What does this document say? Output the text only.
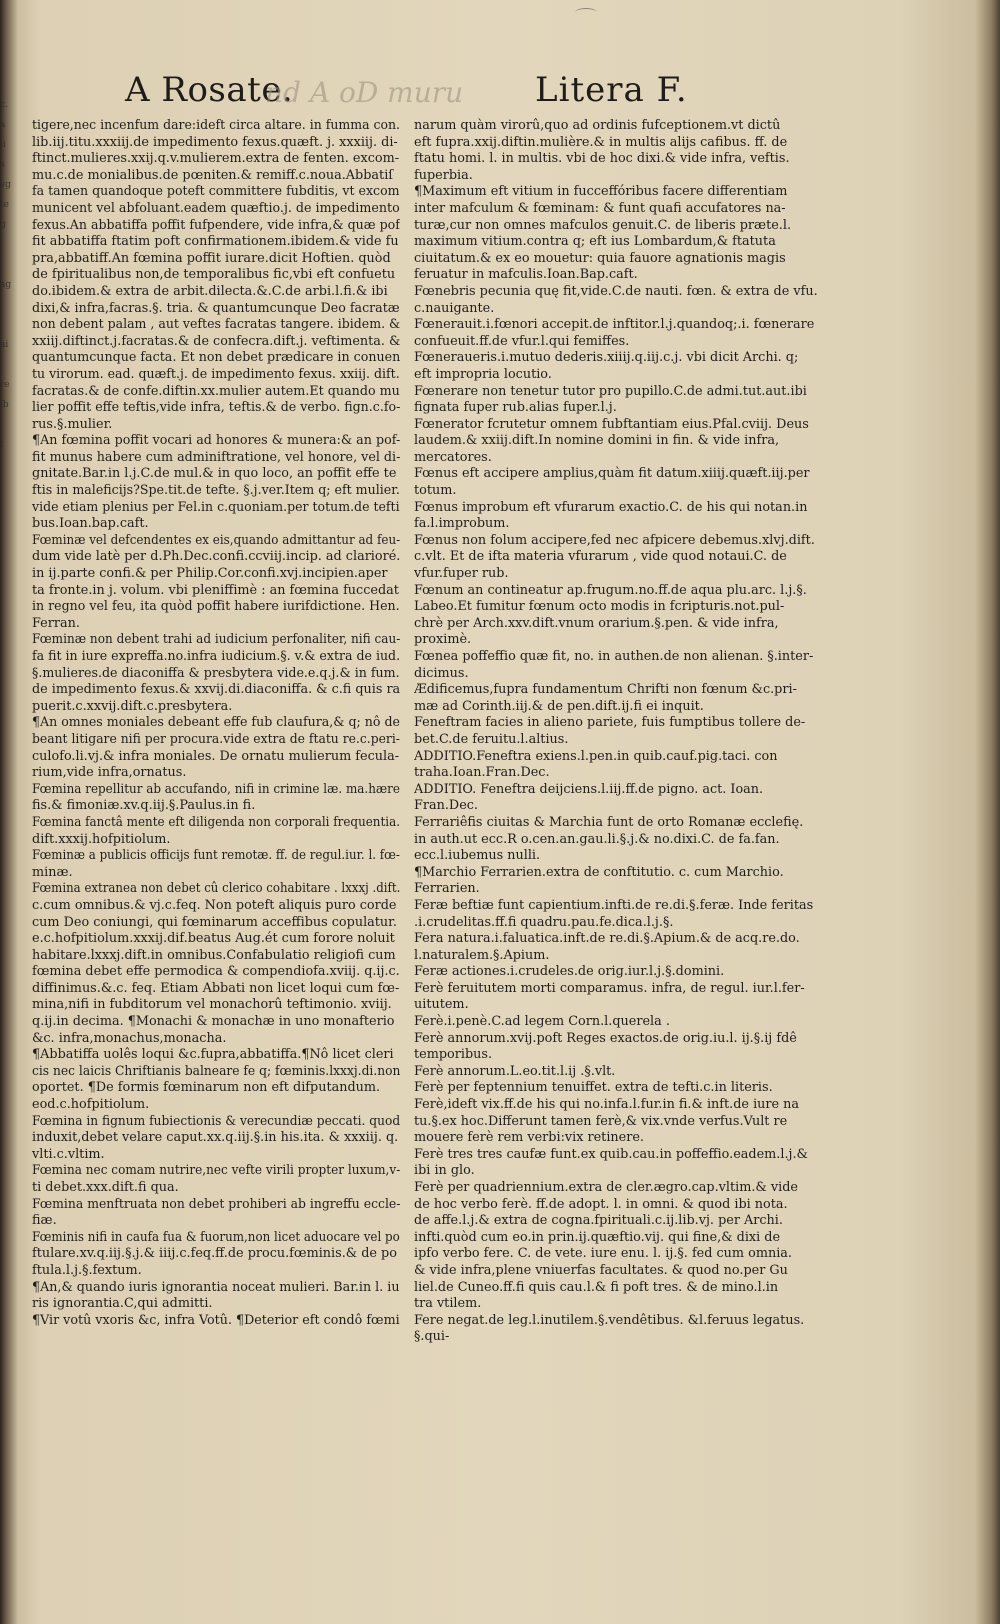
c.
a
ii
s
vg
te
g
ag
ai
re
ib
t
A Rosate.
nd A oD muru Litera F.

tigere,nec incenfum dare:ideft circa altare. in fumma con.

lib.iij.titu.xxxiij.de impedimento fexus.quæft. j. xxxiij. di-

ftinct.mulieres.xxij.q.v.mulierem.extra de fenten. excom-

mu.c.de monialibus.de pœniten.& remiff.c.noua.Abbatiſ

fa tamen quandoque poteft committere fubditis, vt excom

municent vel abfoluant.eadem quæftio.j. de impedimento

fexus.An abbatiffa poffit fufpendere, vide infra,& quæ pof

fit abbatiffa ftatim poft confirmationem.ibidem.& vide fu

pra,abbatiff.An fœmina poffit iurare.dicit Hoftien. quòd

de fpiritualibus non,de temporalibus fic,vbi eft confuetu

do.ibidem.& extra de arbit.dilecta.&.C.de arbi.l.fi.& ibi

dixi,& infra,facras.§. tria. & quantumcunque Deo facratæ

non debent palam , aut veftes facratas tangere. ibidem. &

xxiij.diftinct.j.facratas.& de confecra.dift.j. veftimenta. &

quantumcunque facta. Et non debet prædicare in conuen

tu virorum. ead. quæft.j. de impedimento fexus. xxiij. dift.

facratas.& de confe.diftin.xx.mulier autem.Et quando mu

lier poffit effe teftis,vide infra, teftis.& de verbo. fign.c.fo-

rus.§.mulier.

¶An fœmina poffit vocari ad honores & munera:& an pof-

fit munus habere cum adminiftratione, vel honore, vel di-

gnitate.Bar.in l.j.C.de mul.& in quo loco, an poffit effe te

ftis in maleficijs?Spe.tit.de tefte. §.j.ver.Item q; eft mulier.

vide etiam plenius per Fel.in c.quoniam.per totum.de tefti

bus.Ioan.bap.caft.

Fœminæ vel defcendentes ex eis,quando admittantur ad feu-

dum vide latè per d.Ph.Dec.confi.ccviij.incip. ad clarioré.

in ij.parte confi.& per Philip.Cor.confi.xvj.incipien.aper

ta fronte.in j. volum. vbi pleniffimè : an fœmina fuccedat

in regno vel feu, ita quòd poffit habere iurifdictione. Hen.

Ferran.

Fœminæ non debent trahi ad iudicium perfonaliter, nifi cau-

fa fit in iure expreffa.no.infra iudicium.§. v.& extra de iud.

§.mulieres.de diaconiffa & presbytera vide.e.q.j.& in fum.

de impedimento fexus.& xxvij.di.diaconiffa. & c.fi quis ra

puerit.c.xxvij.dift.c.presbytera.

¶An omnes moniales debeant effe fub claufura,& q; nô de

beant litigare nifi per procura.vide extra de ftatu re.c.peri-

culofo.li.vj.& infra moniales. De ornatu mulierum fecula-

rium,vide infra,ornatus.

Fœmina repellitur ab accufando, nifi in crimine læ. ma.hære

fis.& fimoniæ.xv.q.iij.§.Paulus.in fi.

Fœmina fanctâ mente eft diligenda non corporali frequentia.

dift.xxxij.hofpitiolum.

Fœminæ a publicis officijs funt remotæ. ff. de regul.iur. l. fœ-

minæ.

Fœmina extranea non debet cû clerico cohabitare . lxxxj .dift.

c.cum omnibus.& vj.c.feq. Non poteft aliquis puro corde

cum Deo coniungi, qui fœminarum acceffibus copulatur.

e.c.hofpitiolum.xxxij.dif.beatus Aug.ét cum forore noluit

habitare.lxxxj.dift.in omnibus.Confabulatio religiofi cum

fœmina debet effe permodica & compendiofa.xviij. q.ij.c.

diffinimus.&.c. feq. Etiam Abbati non licet loqui cum fœ-

mina,nifi in fubditorum vel monachorû teftimonio. xviij.

q.ij.in decima. ¶Monachi & monachæ in uno monafterio

&c. infra,monachus,monacha.

¶Abbatiffa uolês loqui &c.fupra,abbatiffa.¶Nô licet cleri

cis nec laicis Chriftianis balneare fe q; fœminis.lxxxj.di.non

oportet. ¶De formis fœminarum non eft difputandum.

eod.c.hofpitiolum.

Fœmina in fignum fubiectionis & verecundiæ peccati. quod

induxit,debet velare caput.xx.q.iij.§.in his.ita. & xxxiij. q.

vlti.c.vltim.

Fœmina nec comam nutrire,nec vefte virili propter luxum,v-

ti debet.xxx.dift.fi qua.

Fœmina menftruata non debet prohiberi ab ingreffu eccle-

fiæ.

Fœminis nifi in caufa fua & fuorum,non licet aduocare vel po

ftulare.xv.q.iij.§.j.& iiij.c.feq.ff.de procu.fœminis.& de po

ftula.l.j.§.fextum.

¶An,& quando iuris ignorantia noceat mulieri. Bar.in l. iu

ris ignorantia.C,qui admitti.

¶Vir votû vxoris &c, infra Votû. ¶Deterior eft condô fœmi

narum quàm virorû,quo ad ordinis fufceptionem.vt dictû

eft fupra.xxij.diftin.mulière.& in multis alijs cafibus. ff. de

ftatu homi. l. in multis. vbi de hoc dixi.& vide infra, veftis.

fuperbia.

¶Maximum eft vitium in fucceffóribus facere differentiam

inter mafculum & fœminam: & funt quafi accufatores na-

turæ,cur non omnes mafculos genuit.C. de liberis præte.l.

maximum vitium.contra q; eft ius Lombardum,& ftatuta

ciuitatum.& ex eo mouetur: quia fauore agnationis magis

feruatur in mafculis.Ioan.Bap.caft.

Fœnebris pecunia quę fit,vide.C.de nauti. fœn. & extra de vfu.

c.nauigante.

Fœnerauit.i.fœnori accepit.de inftitor.l.j.quandoq;.i. fœnerare

confueuit.ff.de vfur.l.qui femiffes.

Fœneraueris.i.mutuo dederis.xiiij.q.iij.c.j. vbi dicit Archi. q;

eft impropria locutio.

Fœnerare non tenetur tutor pro pupillo.C.de admi.tut.aut.ibi

fignata fuper rub.alias fuper.l.j.

Fœnerator fcrutetur omnem fubftantiam eius.Pfal.cviij. Deus

laudem.& xxiij.dift.In nomine domini in fin. & vide infra,

mercatores.

Fœnus eft accipere amplius,quàm fit datum.xiiij.quæft.iij.per

totum.

Fœnus improbum eft vfurarum exactio.C. de his qui notan.in

fa.l.improbum.

Fœnus non folum accipere,fed nec afpicere debemus.xlvj.dift.

c.vlt. Et de ifta materia vfurarum , vide quod notaui.C. de

vfur.fuper rub.

Fœnum an contineatur ap.frugum.no.ff.de aqua plu.arc. l.j.§.

Labeo.Et fumitur fœnum octo modis in fcripturis.not.pul-

chrè per Arch.xxv.dift.vnum orarium.§.pen. & vide infra,

proximè.

Fœnea poffeffio quæ fit, no. in authen.de non alienan. §.inter-

dicimus.

Ædificemus,fupra fundamentum Chrifti non fœnum &c.pri-

mæ ad Corinth.iij.& de pen.dift.ij.fi ei inquit.

Feneftram facies in alieno pariete, fuis fumptibus tollere de-

bet.C.de feruitu.l.altius.

ADDITIO.Feneftra exiens.l.pen.in quib.cauf.pig.taci. con

traha.Ioan.Fran.Dec.

ADDITIO. Feneftra deijciens.l.iij.ff.de pigno. act. Ioan.

Fran.Dec.

Ferrariêfis ciuitas & Marchia funt de orto Romanæ ecclefię.

in auth.ut ecc.R o.cen.an.gau.li.§.j.& no.dixi.C. de fa.fan.

ecc.l.iubemus nulli.

¶Marchio Ferrarien.extra de conftitutio. c. cum Marchio.

Ferrarien.

Feræ beftiæ funt capientium.infti.de re.di.§.feræ. Inde feritas

.i.crudelitas.ff.fi quadru.pau.fe.dica.l.j.§.

Fera natura.i.faluatica.inft.de re.di.§.Apium.& de acq.re.do.

l.naturalem.§.Apium.

Feræ actiones.i.crudeles.de orig.iur.l.j.§.domini.

Ferè feruitutem morti comparamus. infra, de regul. iur.l.fer-

uitutem.

Ferè.i.penè.C.ad legem Corn.l.querela .

Ferè annorum.xvij.poft Reges exactos.de orig.iu.l. ij.§.ij fdê

temporibus.

Ferè annorum.L.eo.tit.l.ij .§.vlt.

Ferè per feptennium tenuiffet. extra de tefti.c.in literis.

Ferè,ideft vix.ff.de his qui no.infa.l.fur.in fi.& inft.de iure na

tu.§.ex hoc.Differunt tamen ferè,& vix.vnde verfus.Vult re

mouere ferè rem verbi:vix retinere.

Ferè tres tres caufæ funt.ex quib.cau.in poffeffio.eadem.l.j.&

ibi in glo.

Ferè per quadriennium.extra de cler.ægro.cap.vltim.& vide

de hoc verbo ferè. ff.de adopt. l. in omni. & quod ibi nota.

de affe.l.j.& extra de cogna.fpirituali.c.ij.lib.vj. per Archi.

infti.quòd cum eo.in prin.ij.quæftio.vij. qui fine,& dixi de

ipfo verbo fere. C. de vete. iure enu. l. ij.§. fed cum omnia.

& vide infra,plene vniuerfas facultates. & quod no.per Gu

liel.de Cuneo.ff.fi quis cau.l.& fi poft tres. & de mino.l.in

tra vtilem.

Fere negat.de leg.l.inutilem.§.vendêtibus. &l.feruus legatus.

§.qui-
